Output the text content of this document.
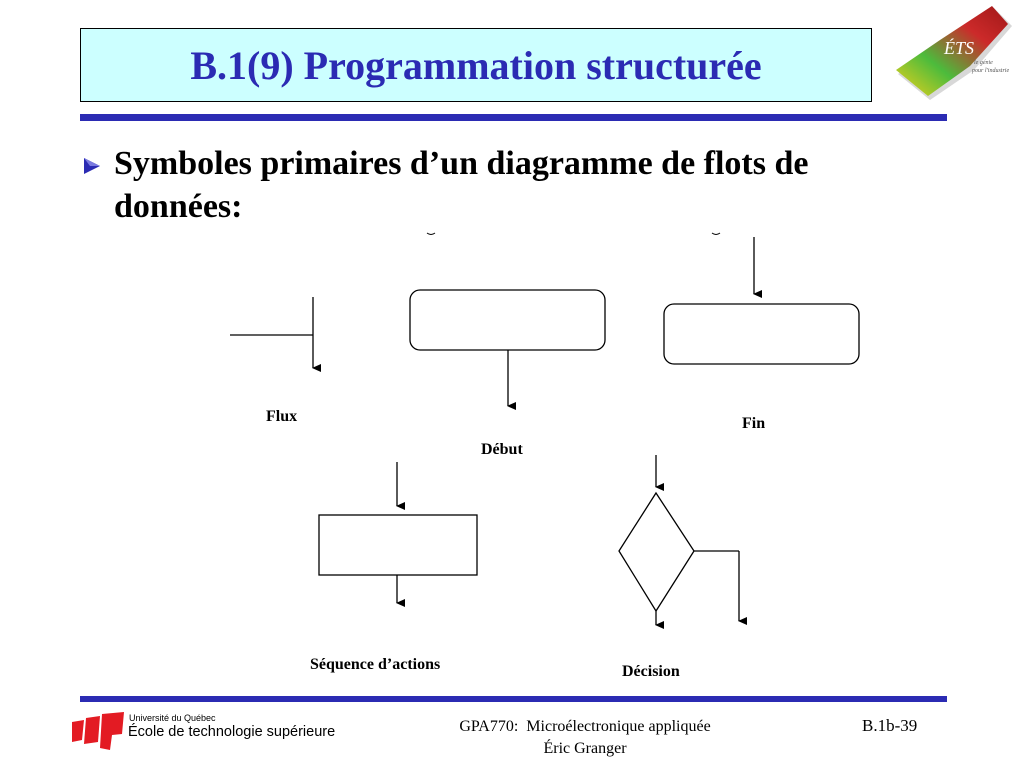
B.1(9) Programmation structurée	ÉTS
le génie
pour l'industrie
Symboles primaires d’un diagramme de flots de données:
Flux
Début
Fin
Séquence d’actions	Décision
Université du Québec
École de technologie supérieure	GPA770:  Microélectronique appliquée
Éric Granger
B.1b-39
